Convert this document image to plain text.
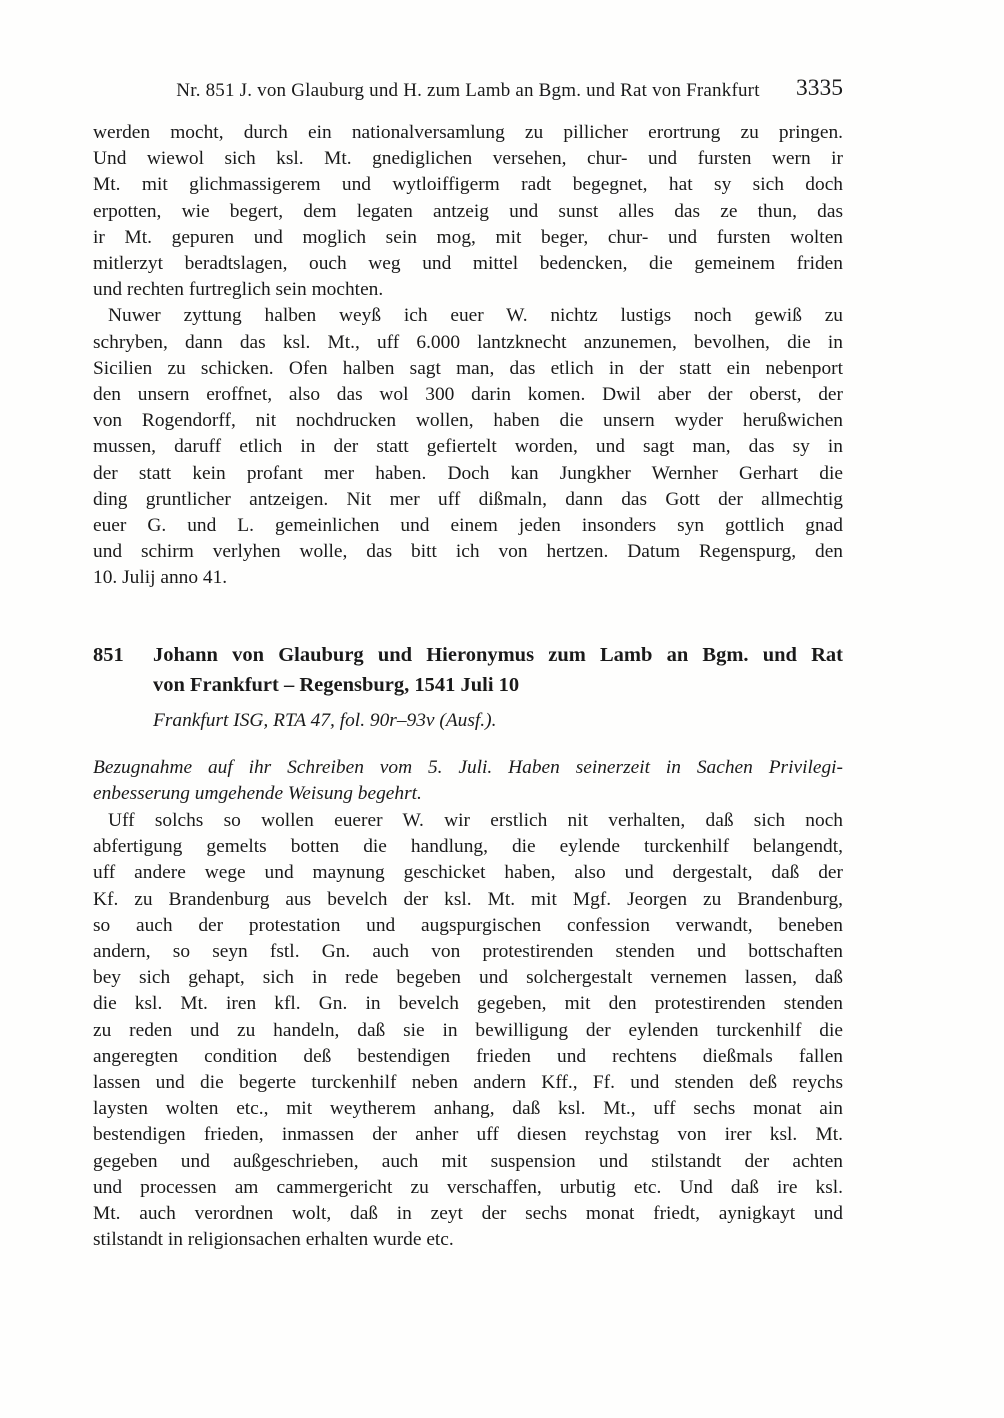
Nr. 851 J. von Glauburg und H. zum Lamb an Bgm. und Rat von Frankfurt	3335
werden mocht, durch ein nationalversamlung zu pillicher erortrung zu pringen.
Und wiewol sich ksl. Mt. gnediglichen versehen, chur- und fursten wern ir
Mt. mit glichmassigerem und wytloiffigerm radt begegnet, hat sy sich doch
erpotten, wie begert, dem legaten antzeig und sunst alles das ze thun, das
ir Mt. gepuren und moglich sein mog, mit beger, chur- und fursten wolten
mitlerzyt beradtslagen, ouch weg und mittel bedencken, die gemeinem friden
und rechten furtreglich sein mochten.
Nuwer zyttung halben weyß ich euer W. nichtz lustigs noch gewiß zu
schryben, dann das ksl. Mt., uff 6.000 lantzknecht anzunemen, bevolhen, die in
Sicilien zu schicken. Ofen halben sagt man, das etlich in der statt ein nebenport
den unsern eroffnet, also das wol 300 darin komen. Dwil aber der oberst, der
von Rogendorff, nit nochdrucken wollen, haben die unsern wyder herußwichen
mussen, daruff etlich in der statt gefiertelt worden, und sagt man, das sy in
der statt kein profant mer haben. Doch kan Jungkher Wernher Gerhart die
ding gruntlicher antzeigen. Nit mer uff dißmaln, dann das Gott der allmechtig
euer G. und L. gemeinlichen und einem jeden insonders syn gottlich gnad
und schirm verlyhen wolle, das bitt ich von hertzen. Datum Regenspurg, den
10. Julij anno 41.
851	Johann von Glauburg und Hieronymus zum Lamb an Bgm. und Rat
von Frankfurt – Regensburg, 1541 Juli 10
Frankfurt ISG, RTA 47, fol. 90r–93v (Ausf.).
Bezugnahme auf ihr Schreiben vom 5. Juli. Haben seinerzeit in Sachen Privilegi-
enbesserung umgehende Weisung begehrt.
Uff solchs so wollen euerer W. wir erstlich nit verhalten, daß sich noch
abfertigung gemelts botten die handlung, die eylende turckenhilf belangendt,
uff andere wege und maynung geschicket haben, also und dergestalt, daß der
Kf. zu Brandenburg aus bevelch der ksl. Mt. mit Mgf. Jeorgen zu Brandenburg,
so auch der protestation und augspurgischen confession verwandt, beneben
andern, so seyn fstl. Gn. auch von protestirenden stenden und bottschaften
bey sich gehapt, sich in rede begeben und solchergestalt vernemen lassen, daß
die ksl. Mt. iren kfl. Gn. in bevelch gegeben, mit den protestirenden stenden
zu reden und zu handeln, daß sie in bewilligung der eylenden turckenhilf die
angeregten condition deß bestendigen frieden und rechtens dießmals fallen
lassen und die begerte turckenhilf neben andern Kff., Ff. und stenden deß reychs
laysten wolten etc., mit weytherem anhang, daß ksl. Mt., uff sechs monat ain
bestendigen frieden, inmassen der anher uff diesen reychstag von irer ksl. Mt.
gegeben und außgeschrieben, auch mit suspension und stilstandt der achten
und processen am cammergericht zu verschaffen, urbutig etc. Und daß ire ksl.
Mt. auch verordnen wolt, daß in zeyt der sechs monat friedt, aynigkayt und
stilstandt in religionsachen erhalten wurde etc.
